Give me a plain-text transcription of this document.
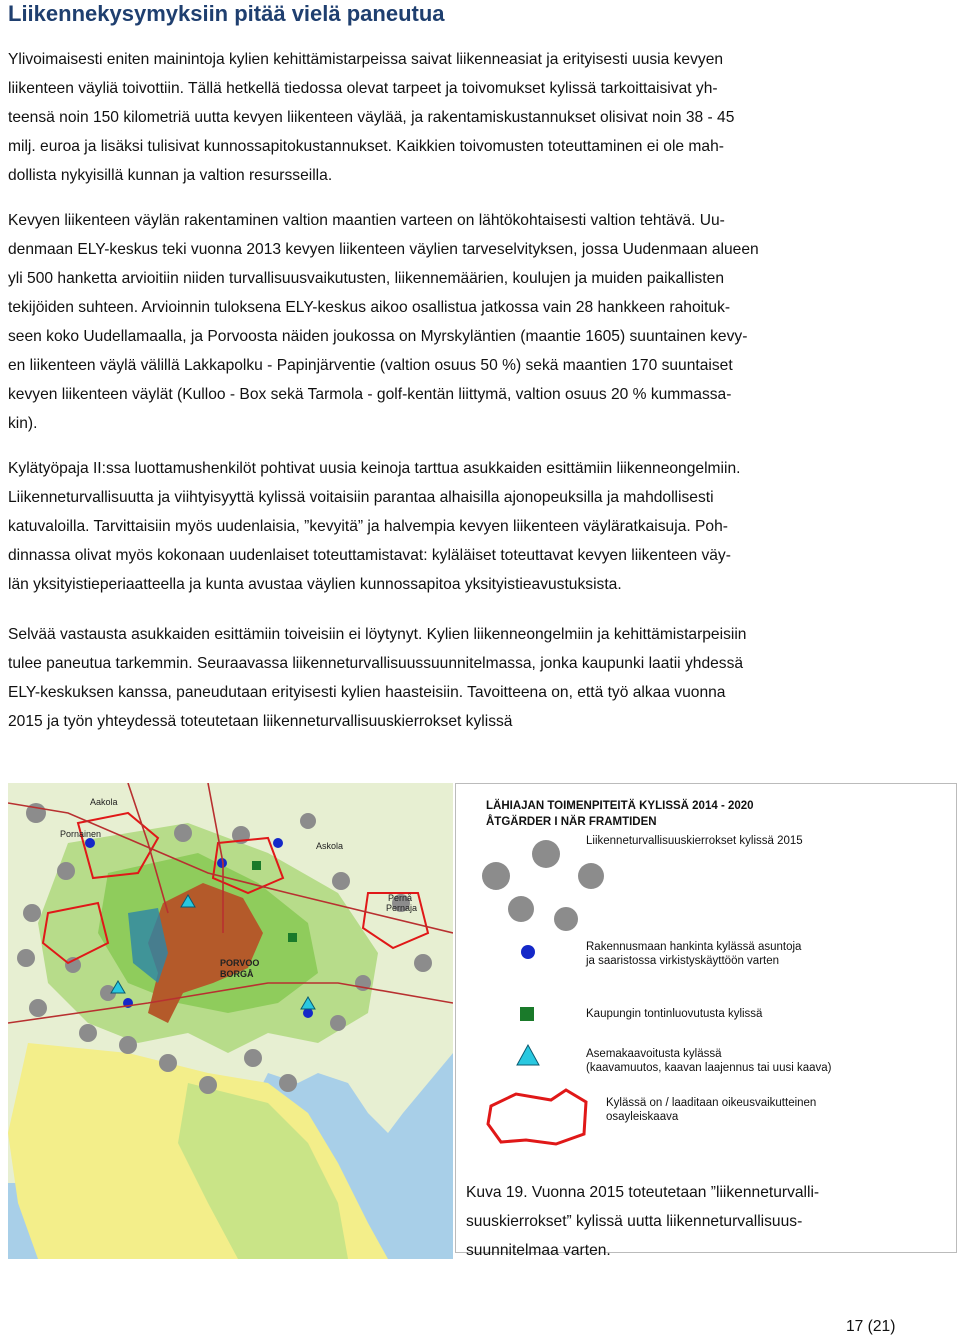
Liikennekysymyksiin pitää vielä paneutua
Ylivoimaisesti eniten mainintoja kylien kehittämistarpeissa saivat liikenneasiat ja erityisesti uusia kevyen
liikenteen väyliä toivottiin. Tällä hetkellä tiedossa olevat tarpeet ja toivomukset kylissä tarkoittaisivat yh-
teensä noin 150 kilometriä uutta kevyen liikenteen väylää, ja rakentamiskustannukset olisivat noin 38 - 45
milj. euroa ja lisäksi tulisivat kunnossapitokustannukset. Kaikkien toivomusten toteuttaminen ei ole mah-
dollista nykyisillä kunnan ja valtion resursseilla.
Kevyen liikenteen väylän rakentaminen valtion maantien varteen on lähtökohtaisesti valtion tehtävä. Uu-
denmaan ELY-keskus teki vuonna 2013 kevyen liikenteen väylien tarveselvityksen, jossa Uudenmaan alueen
yli 500 hanketta arvioitiin niiden turvallisuusvaikutusten, liikennemäärien, koulujen ja muiden paikallisten
tekijöiden suhteen. Arvioinnin tuloksena ELY-keskus aikoo osallistua jatkossa vain 28 hankkeen rahoituk-
seen koko Uudellamaalla, ja Porvoosta näiden joukossa on Myrskyläntien (maantie 1605) suuntainen kevy-
en liikenteen väylä välillä Lakkapolku - Papinjärventie (valtion osuus 50 %) sekä maantien 170 suuntaiset
kevyen liikenteen väylät (Kulloo - Box sekä Tarmola - golf-kentän liittymä, valtion osuus 20 % kummassa-
kin).
Kylätyöpaja II:ssa luottamushenkilöt pohtivat uusia keinoja tarttua asukkaiden esittämiin liikenneongelmiin.
Liikenneturvallisuutta ja viihtyisyyttä kylissä voitaisiin parantaa alhaisilla ajonopeuksilla ja mahdollisesti
katuvaloilla. Tarvittaisiin myös uudenlaisia, ”kevyitä” ja halvempia kevyen liikenteen väyläratkaisuja. Poh-
dinnassa olivat myös kokonaan uudenlaiset toteuttamistavat: kyläläiset toteuttavat kevyen liikenteen väy-
län yksityistieperiaatteella ja kunta avustaa väylien kunnossapitoa yksityistieavustuksista.
Selvää vastausta asukkaiden esittämiin toiveisiin ei löytynyt. Kylien liikenneongelmiin ja kehittämistarpeisiin
tulee paneutua tarkemmin. Seuraavassa liikenneturvallisuussuunnitelmassa, jonka kaupunki laatii yhdessä
ELY-keskuksen kanssa, paneudutaan erityisesti kylien haasteisiin. Tavoitteena on, että työ alkaa vuonna
2015 ja työn yhteydessä toteutetaan liikenneturvallisuuskierrokset kylissä
Aakola
Pornainen
Askola
Pernå
Pernaja
PORVOO
BORGÅ
LÄHIAJAN TOIMENPITEITÄ KYLISSÄ 2014 - 2020
ÅTGÄRDER I NÄR FRAMTIDEN
Liikenneturvallisuuskierrokset kylissä 2015
Rakennusmaan hankinta kylässä asuntoja
ja saaristossa virkistyskäyttöön varten
Kaupungin tontinluovutusta kylissä
Asemakaavoitusta kylässä
(kaavamuutos, kaavan laajennus tai uusi kaava)
Kylässä on / laaditaan oikeusvaikutteinen
osayleiskaava
Kuva 19. Vuonna 2015 toteutetaan ”liikenneturvalli-
suuskierrokset” kylissä uutta liikenneturvallisuus-
suunnitelmaa varten.
17 (21)
